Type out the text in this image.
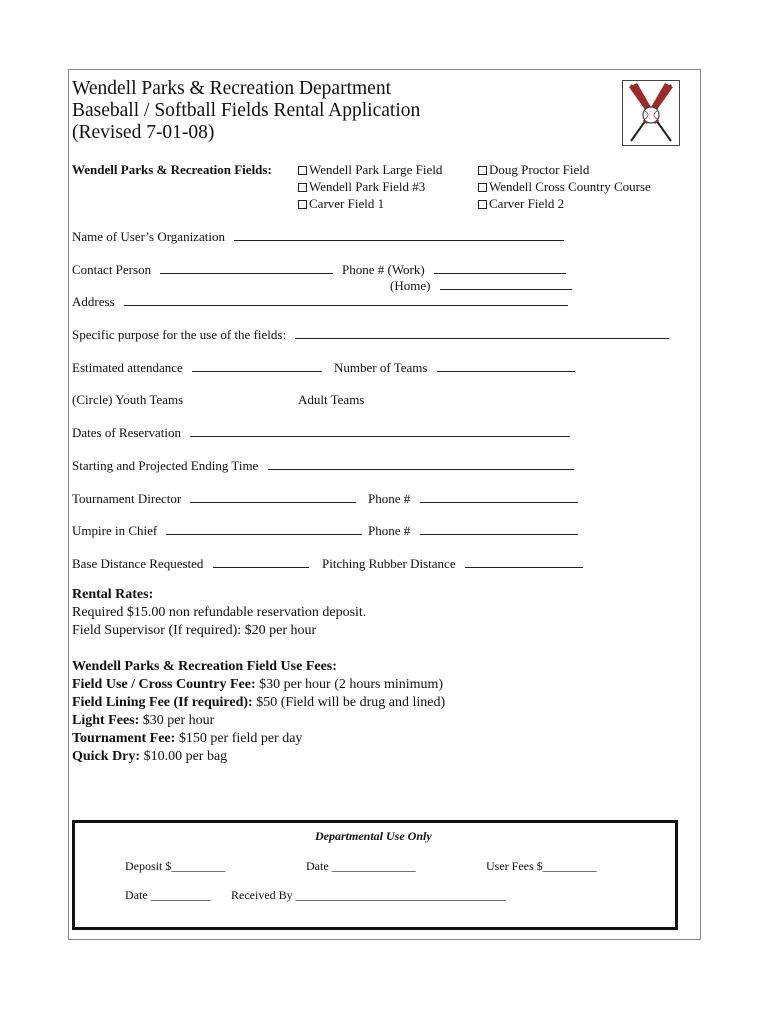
Wendell Parks & Recreation Department
Baseball / Softball Fields Rental Application
(Revised 7-01-08)
Wendell Parks & Recreation Fields:	Wendell Park Large Field
Wendell Park Field #3
Carver Field 1
Doug Proctor Field
Wendell Cross Country Course
Carver Field 2
Name of User’s Organization
Contact Person	Phone # (Work)
(Home)
Address
Specific purpose for the use of the fields:
Estimated attendance	Number of Teams
(Circle) Youth Teams	Adult Teams
Dates of Reservation
Starting and Projected Ending Time
Tournament Director	Phone #
Umpire in Chief	Phone #
Base Distance Requested	Pitching Rubber Distance
Rental Rates:
Required $15.00 non refundable reservation deposit.
Field Supervisor (If required): $20 per hour
Wendell Parks & Recreation Field Use Fees:
Field Use / Cross Country Fee: $30 per hour (2 hours minimum)
Field Lining Fee (If required): $50 (Field will be drug and lined)
Light Fees: $30 per hour
Tournament Fee: $150 per field per day
Quick Dry: $10.00 per bag
Departmental Use Only
Deposit $_________	Date ______________	User Fees $_________
Date __________ Received By ___________________________________
